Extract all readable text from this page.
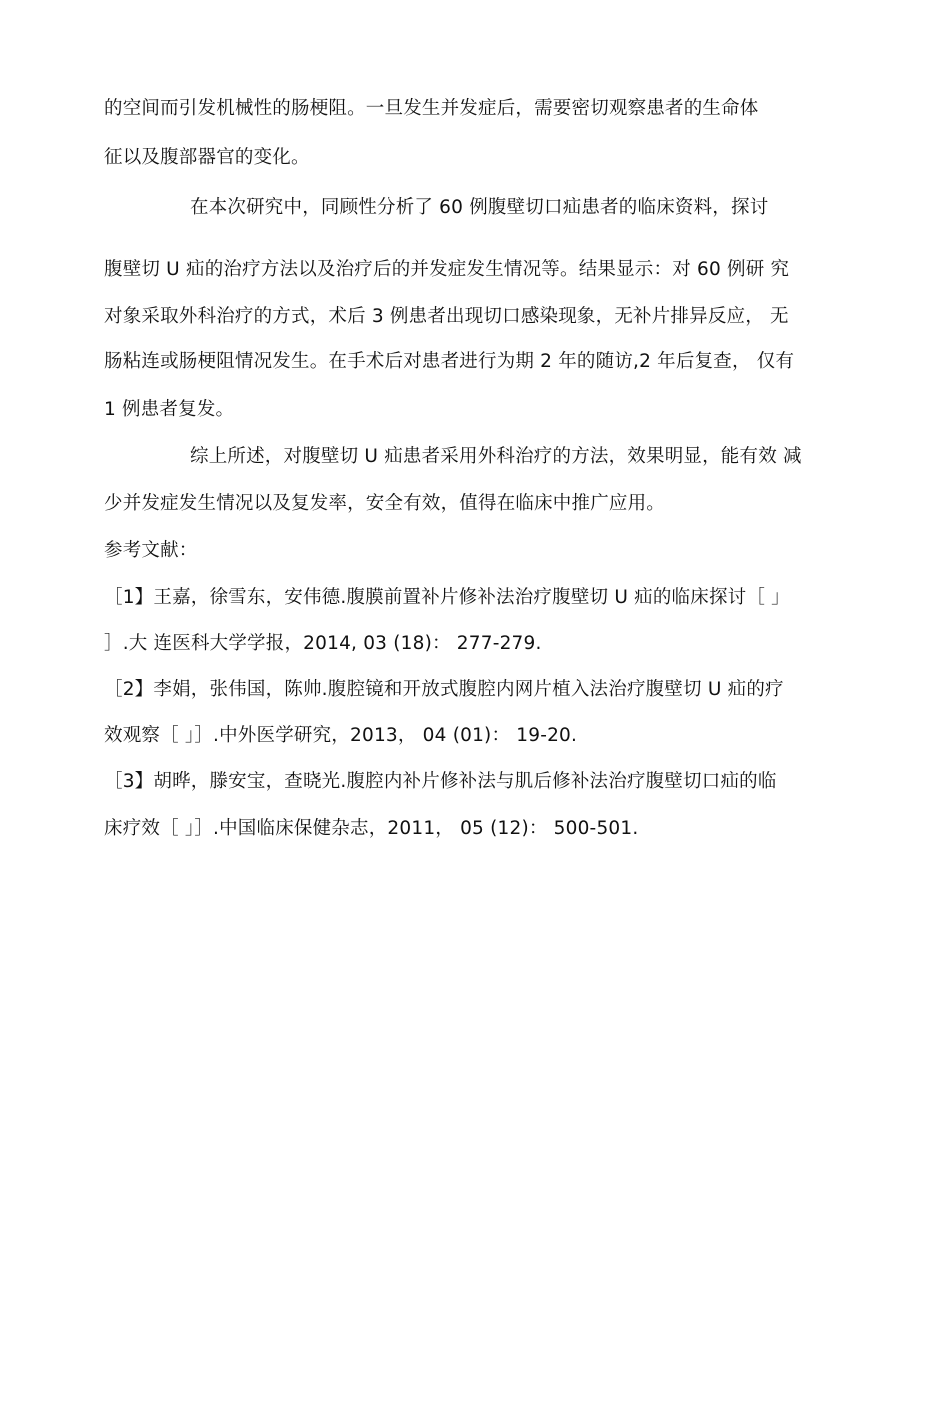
的空间而引发机械性的肠梗阻。一旦发生并发症后，需要密切观察患者的生命体
征以及腹部器官的变化。
在本次研究中，同顾性分析了 60 例腹壁切口疝患者的临床资料，探讨
腹壁切 U 疝的治疗方法以及治疗后的并发症发生情况等。结果显示：对 60 例研 究
对象采取外科治疗的方式，术后 3 例患者出现切口感染现象，无补片排异反应， 无
肠粘连或肠梗阻情况发生。在手术后对患者进行为期 2 年的随访,2 年后复查， 仅有
1 例患者复发。
综上所述，对腹壁切 U 疝患者采用外科治疗的方法，效果明显，能有效 减
少并发症发生情况以及复发率，安全有效，值得在临床中推广应用。
参考文献：
［1】王嘉，徐雪东，安伟德.腹膜前置补片修补法治疗腹壁切 U 疝的临床探讨［ 」
］.大 连医科大学学报，2014, 03 (18)： 277-279.
［2】李娟，张伟国，陈帅.腹腔镜和开放式腹腔内网片植入法治疗腹壁切 U 疝的疗
效观察［ 」］.中外医学研究，2013， 04 (01)： 19-20.
［3】胡晔，滕安宝，查晓光.腹腔内补片修补法与肌后修补法治疗腹壁切口疝的临
床疗效［ 」］.中国临床保健杂志，2011， 05 (12)： 500-501.
